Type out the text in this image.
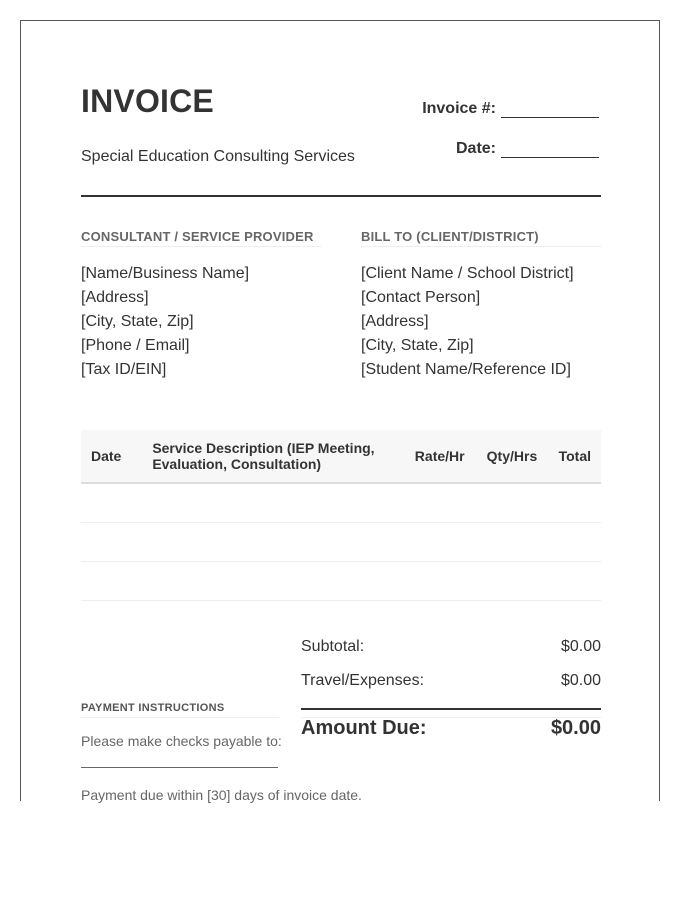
INVOICE	Invoice #:
Special Education Consulting Services	Date:
CONSULTANT / SERVICE PROVIDER
[Name/Business Name]
[Address]
[City, State, Zip]
[Phone / Email]
[Tax ID/EIN]
BILL TO (CLIENT/DISTRICT)
[Client Name / School District]
[Contact Person]
[Address]
[City, State, Zip]
[Student Name/Reference ID]
Date	Service Description (IEP Meeting, Evaluation, Consultation)	Rate/Hr	Qty/Hrs	Total

Subtotal:	$0.00
Travel/Expenses:	$0.00
Amount Due:	$0.00
PAYMENT INSTRUCTIONS
Please make checks payable to:
Payment due within [30] days of invoice date.
